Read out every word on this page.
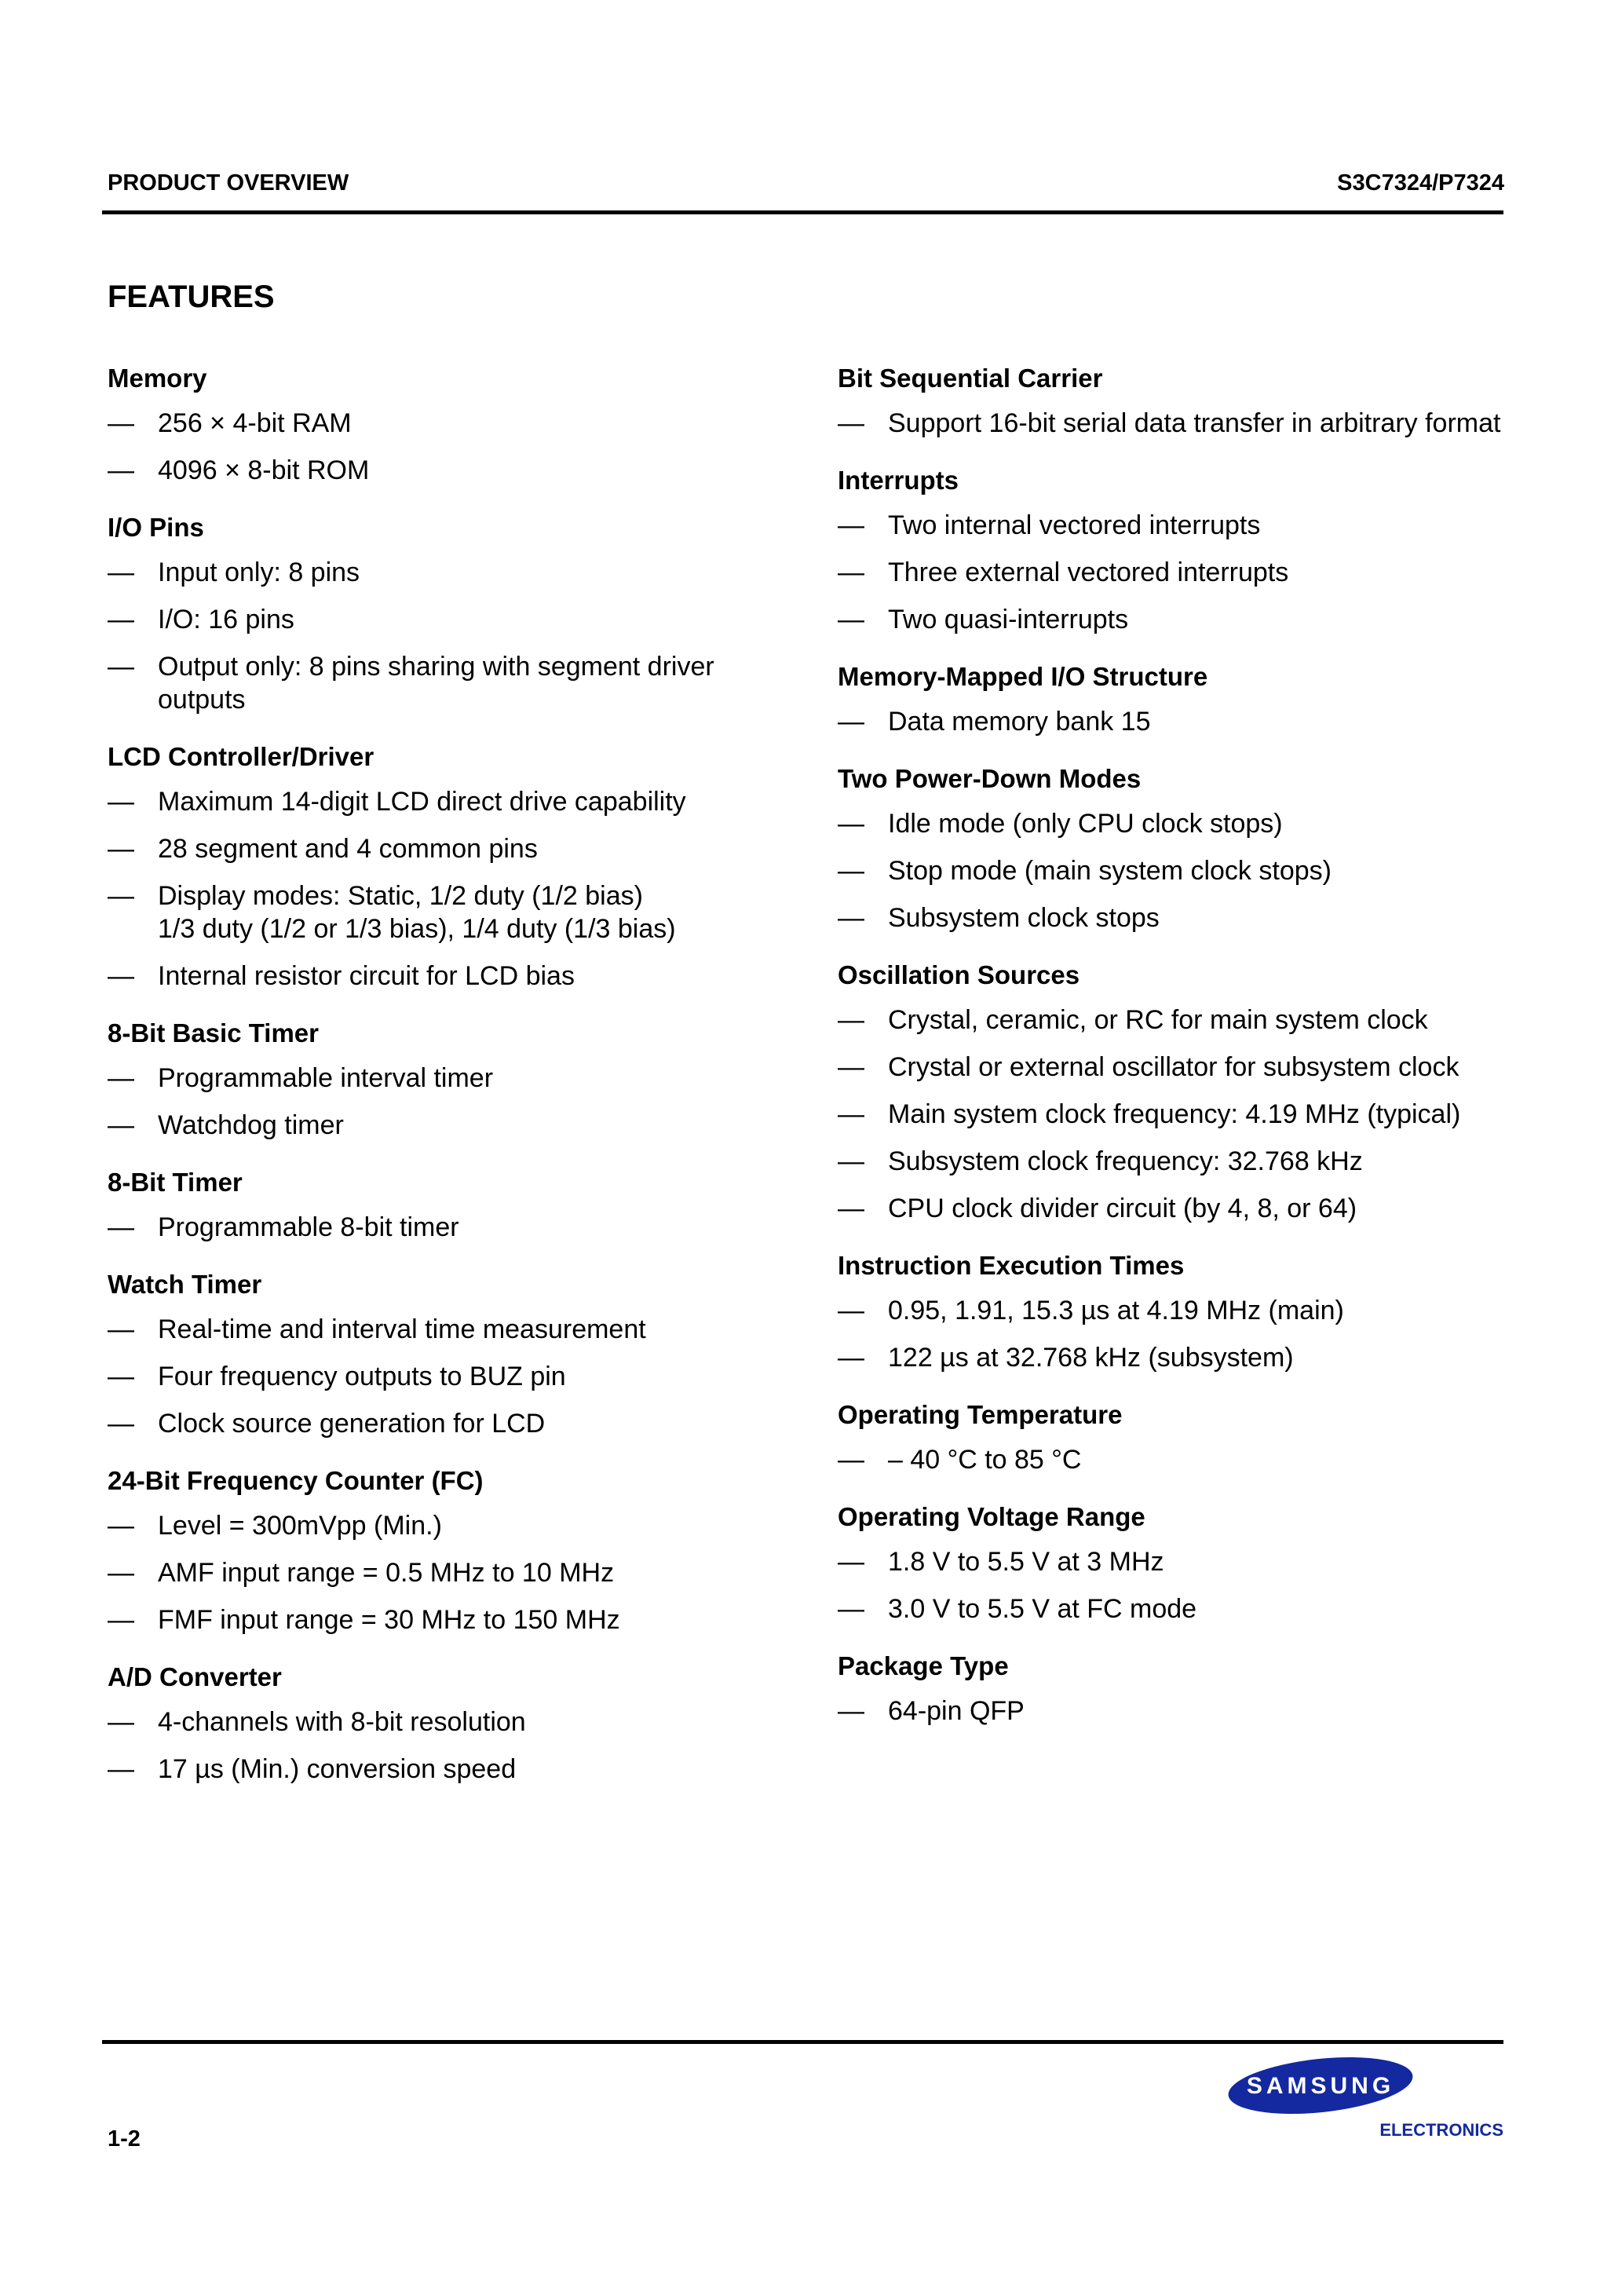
PRODUCT OVERVIEW	S3C7324/P7324
FEATURES
Memory
— 256 × 4-bit RAM
— 4096 × 8-bit ROM
I/O Pins
— Input only: 8 pins
— I/O: 16 pins
— Output only: 8 pins sharing with segment driver outputs
LCD Controller/Driver
— Maximum 14-digit LCD direct drive capability
— 28 segment and 4 common pins
— Display modes: Static, 1/2 duty (1/2 bias)
1/3 duty (1/2 or 1/3 bias), 1/4 duty (1/3 bias)
— Internal resistor circuit for LCD bias
8-Bit Basic Timer
— Programmable interval timer
— Watchdog timer
8-Bit Timer
— Programmable 8-bit timer
Watch Timer
— Real-time and interval time measurement
— Four frequency outputs to BUZ pin
— Clock source generation for LCD
24-Bit Frequency Counter (FC)
— Level = 300mVpp (Min.)
— AMF input range = 0.5 MHz to 10 MHz
— FMF input range = 30 MHz to 150 MHz
A/D Converter
— 4-channels with 8-bit resolution
— 17 µs (Min.) conversion speed
Bit Sequential Carrier
— Support 16-bit serial data transfer in arbitrary format
Interrupts
— Two internal vectored interrupts
— Three external vectored interrupts
— Two quasi-interrupts
Memory-Mapped I/O Structure
— Data memory bank 15
Two Power-Down Modes
— Idle mode (only CPU clock stops)
— Stop mode (main system clock stops)
— Subsystem clock stops
Oscillation Sources
— Crystal, ceramic, or RC for main system clock
— Crystal or external oscillator for subsystem clock
— Main system clock frequency: 4.19 MHz (typical)
— Subsystem clock frequency: 32.768 kHz
— CPU clock divider circuit (by 4, 8, or 64)
Instruction Execution Times
— 0.95, 1.91, 15.3 µs at 4.19 MHz (main)
— 122 µs at 32.768 kHz (subsystem)
Operating Temperature
— – 40 °C to 85 °C
Operating Voltage Range
— 1.8 V to 5.5 V at 3 MHz
— 3.0 V to 5.5 V at FC mode
Package Type
— 64-pin QFP
1-2
SAMSUNG
ELECTRONICS
